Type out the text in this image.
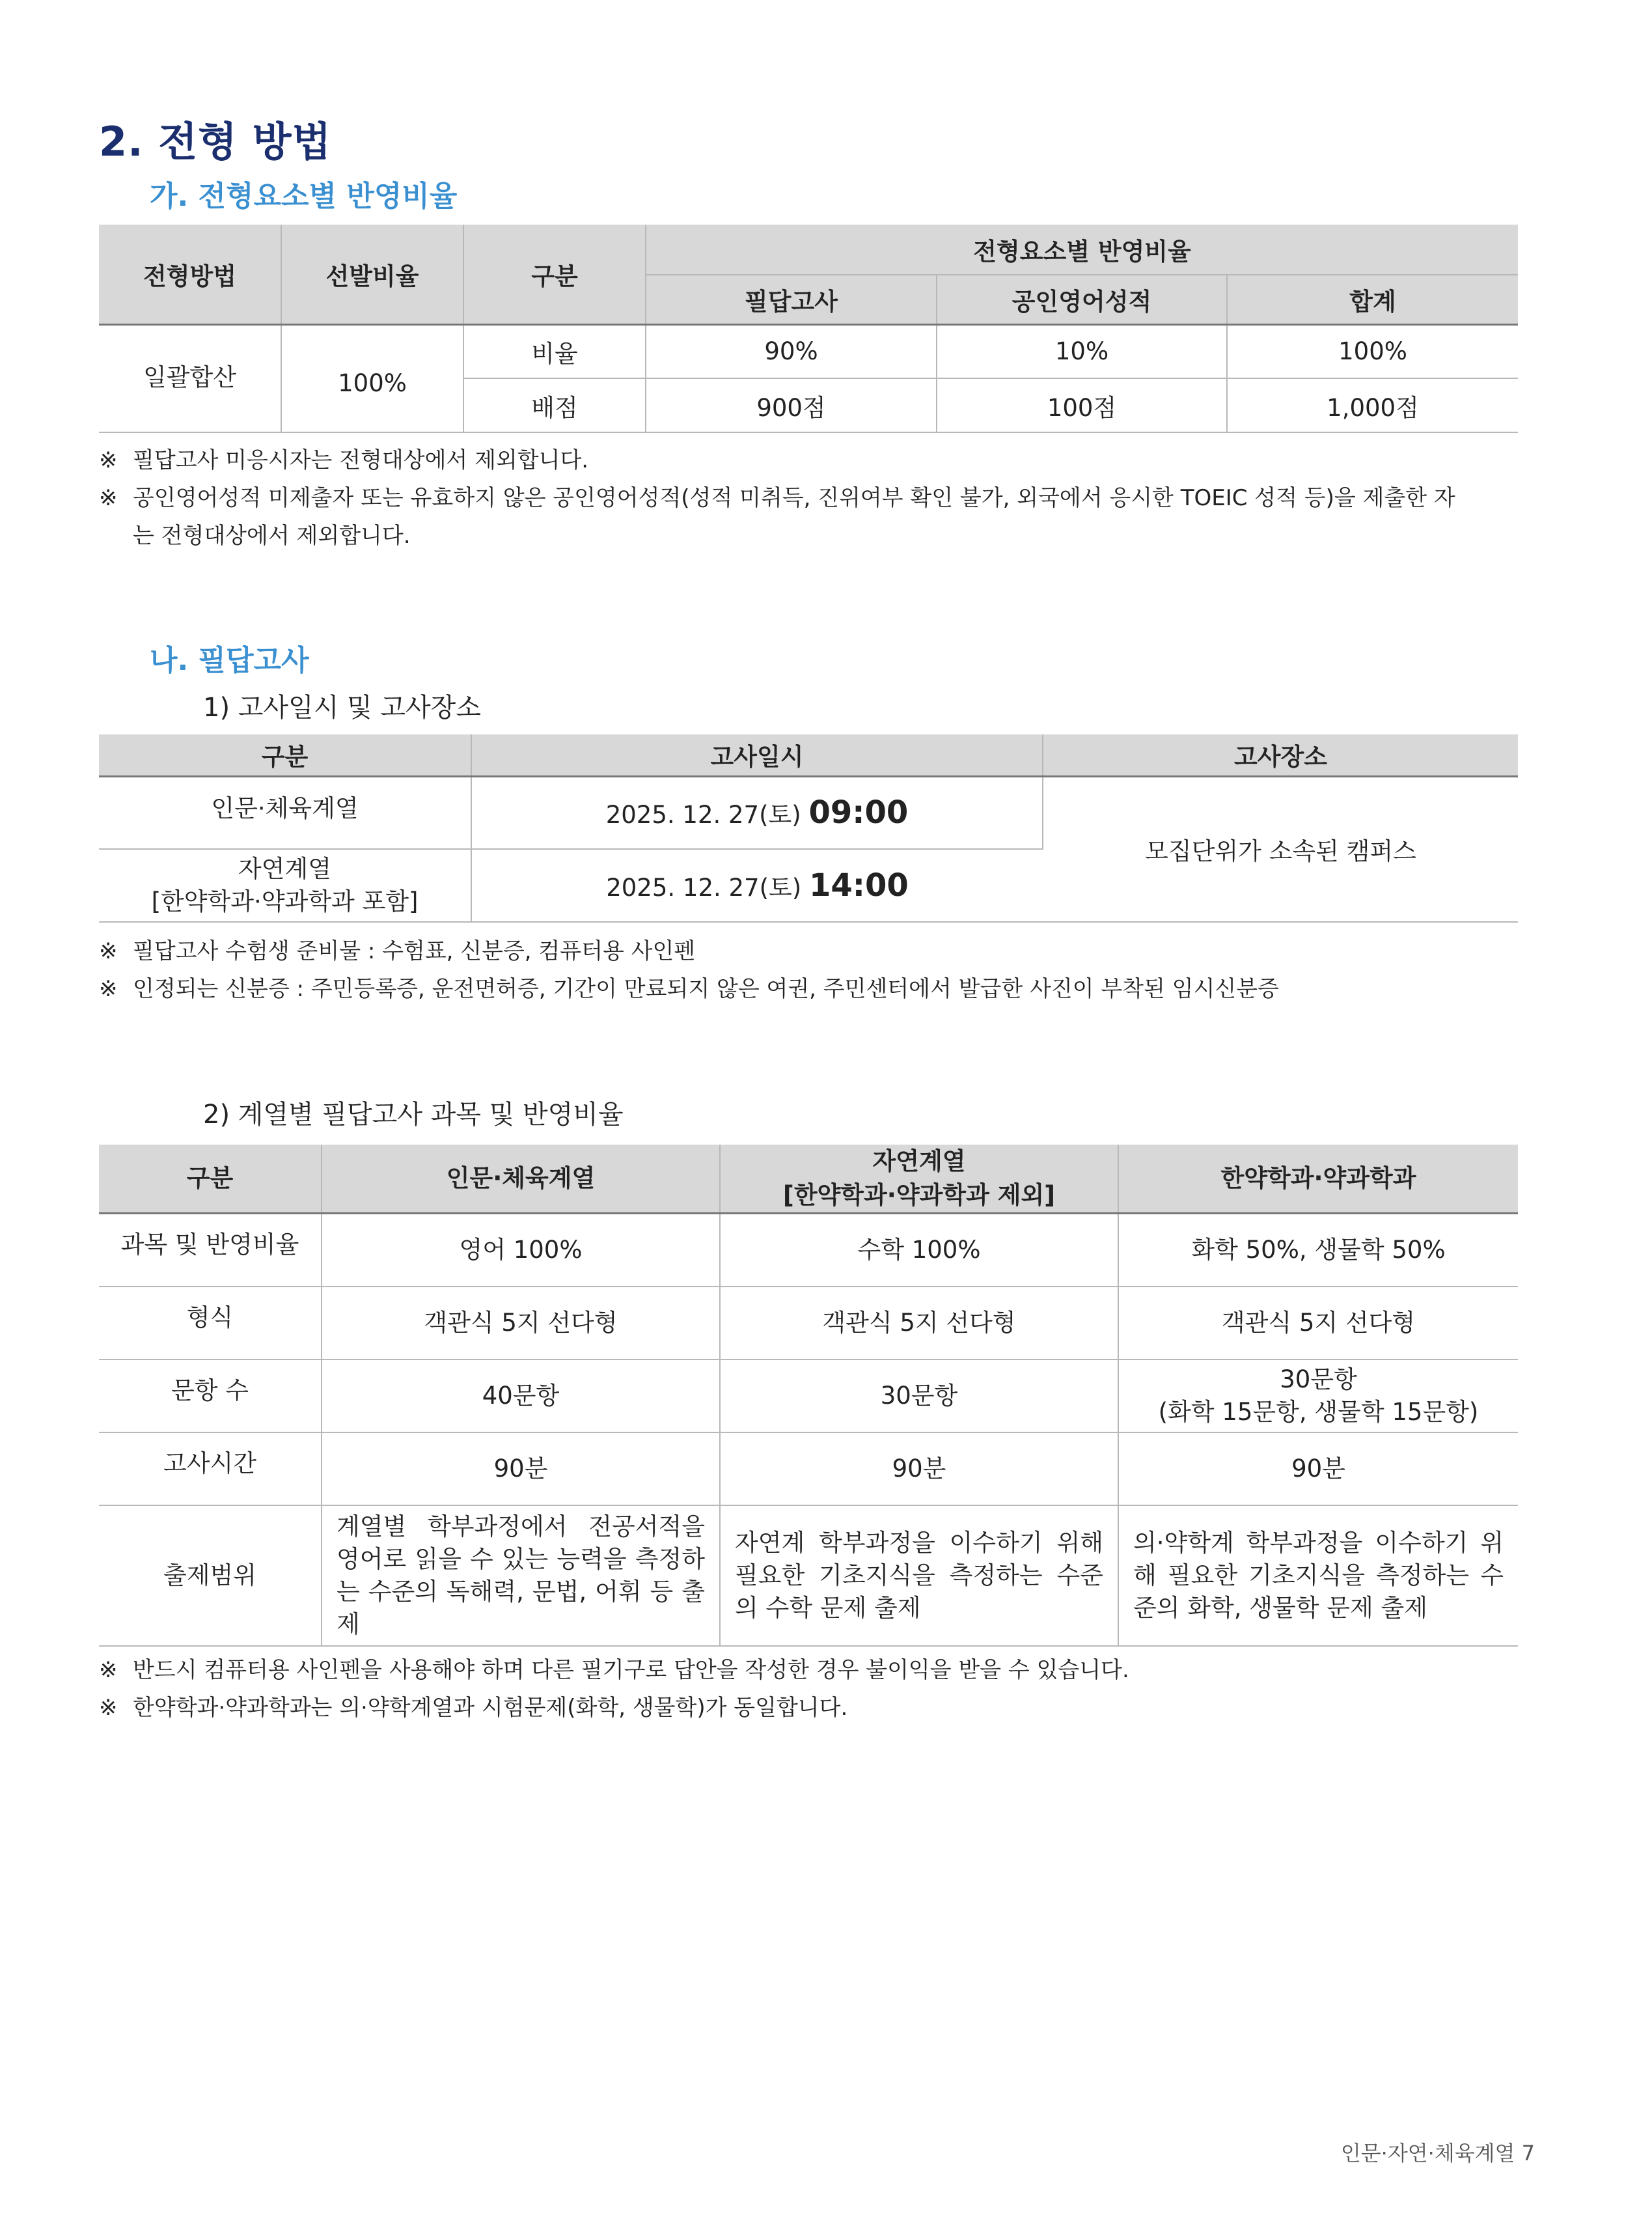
2. 전형 방법
가. 전형요소별 반영비율
전형방법	선발비율	구분	전형요소별 반영비율		
			필답고사	공인영어성적	합계
일괄합산	100%	비율	90%	10%	100%
		배점	900점	100점	1,000점
※ 필답고사 미응시자는 전형대상에서 제외합니다.
※ 공인영어성적 미제출자 또는 유효하지 않은 공인영어성적(성적 미취득, 진위여부 확인 불가, 외국에서 응시한 TOEIC 성적 등)을 제출한 자
는 전형대상에서 제외합니다.
나. 필답고사
1) 고사일시 및 고사장소
구분	고사일시	고사장소
인문·체육계열	2025. 12. 27(토) 09:00	모집단위가 소속된 캠퍼스

자연계열
[한약학과·약과학과 포함]	2025. 12. 27(토) 14:00	
※ 필답고사 수험생 준비물 : 수험표, 신분증, 컴퓨터용 사인펜
※ 인정되는 신분증 : 주민등록증, 운전면허증, 기간이 만료되지 않은 여권, 주민센터에서 발급한 사진이 부착된 임시신분증
2) 계열별 필답고사 과목 및 반영비율
구분	인문·체육계열	자연계열
[한약학과·약과학과 제외]	한약학과·약과학과
과목 및 반영비율	영어 100%	수학 100%	화학 50%, 생물학 50%
형식	객관식 5지 선다형	객관식 5지 선다형	객관식 5지 선다형
문항 수	40문항	30문항	30문항
(화학 15문항, 생물학 15문항)

고사시간	90분	90분	90분
출제범위	계열별 학부과정에서 전공서적을 영어로 읽을 수 있는 능력을 측정하는 수준의 독해력, 문법, 어휘 등 출제	자연계 학부과정을 이수하기 위해 필요한 기초지식을 측정하는 수준의 수학 문제 출제	의·약학계 학부과정을 이수하기 위해 필요한 기초지식을 측정하는 수준의 화학, 생물학 문제 출제
※ 반드시 컴퓨터용 사인펜을 사용해야 하며 다른 필기구로 답안을 작성한 경우 불이익을 받을 수 있습니다.
※ 한약학과·약과학과는 의·약학계열과 시험문제(화학, 생물학)가 동일합니다.
인문·자연·체육계열 7
